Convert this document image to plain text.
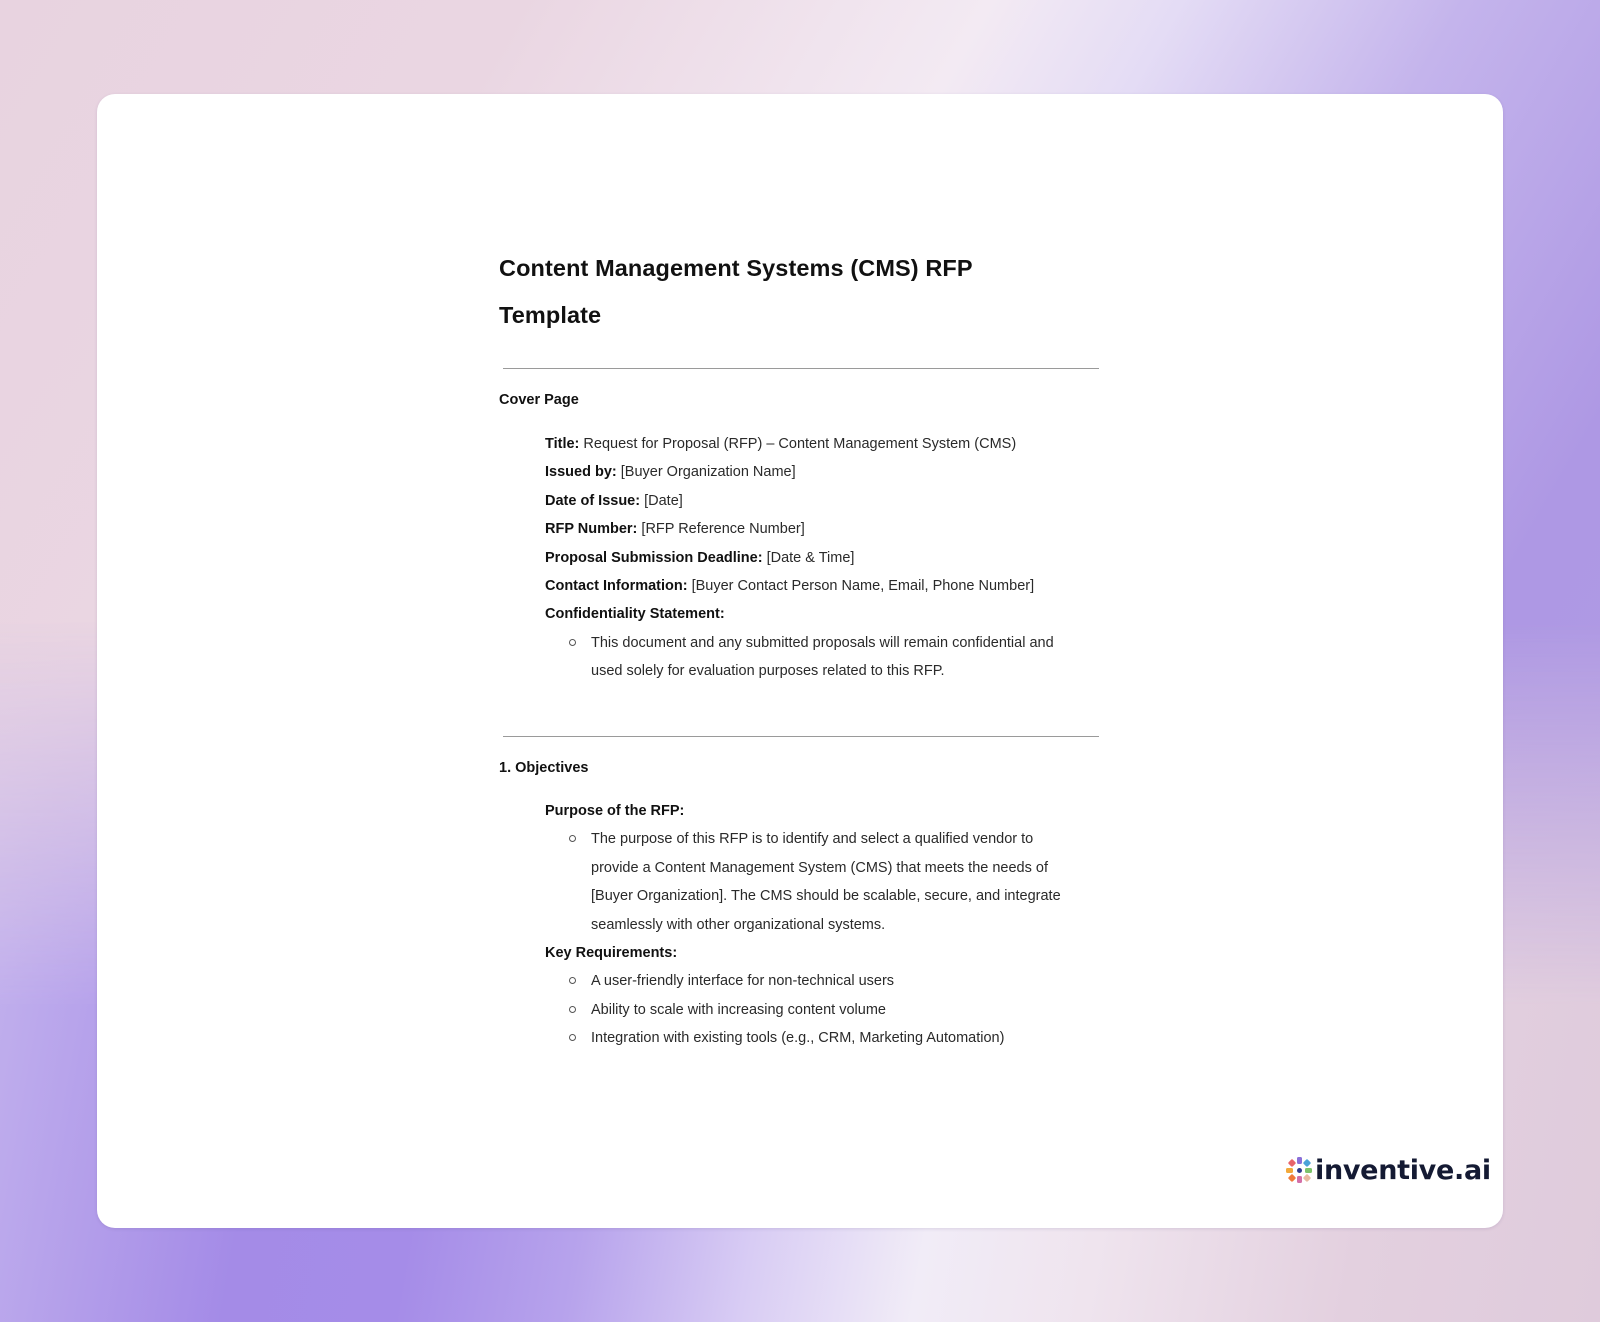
Content Management Systems (CMS) RFP
Template
Cover Page
Title: Request for Proposal (RFP) – Content Management System (CMS)
Issued by: [Buyer Organization Name]
Date of Issue: [Date]
RFP Number: [RFP Reference Number]
Proposal Submission Deadline: [Date & Time]
Contact Information: [Buyer Contact Person Name, Email, Phone Number]
Confidentiality Statement:
This document and any submitted proposals will remain confidential and used solely for evaluation purposes related to this RFP.
1. Objectives
Purpose of the RFP:
The purpose of this RFP is to identify and select a qualified vendor to provide a Content Management System (CMS) that meets the needs of [Buyer Organization]. The CMS should be scalable, secure, and integrate seamlessly with other organizational systems.
Key Requirements:
A user-friendly interface for non-technical users
Ability to scale with increasing content volume
Integration with existing tools (e.g., CRM, Marketing Automation)
inventive.ai
